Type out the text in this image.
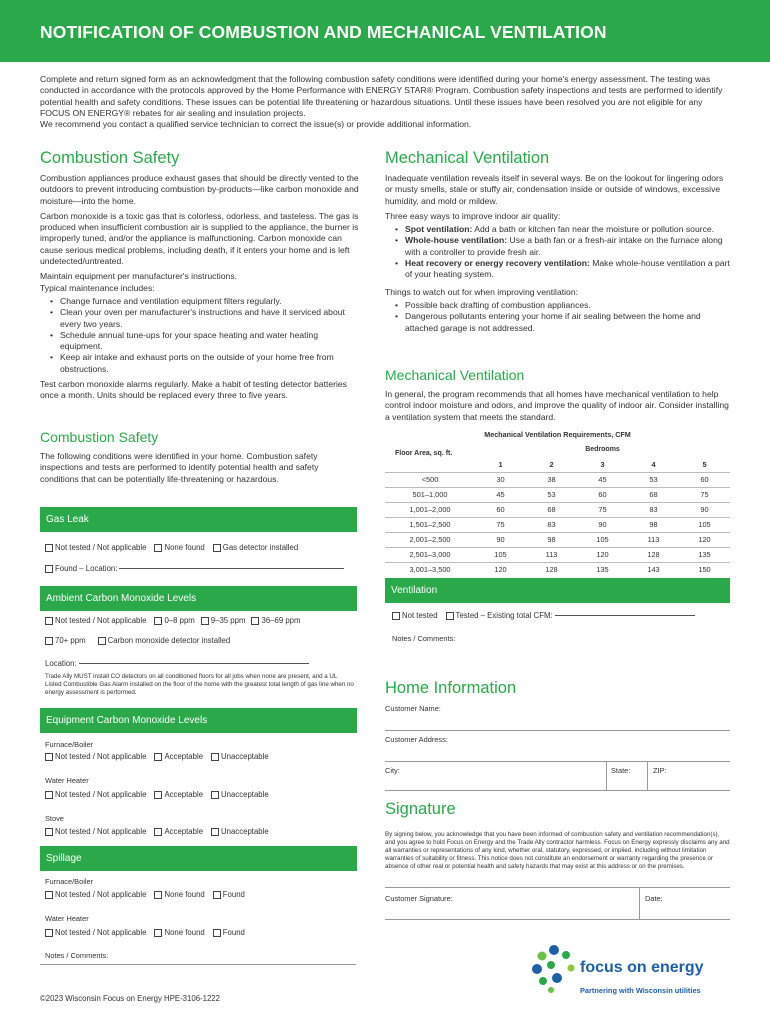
NOTIFICATION OF COMBUSTION AND MECHANICAL VENTILATION

Complete and return signed form as an acknowledgment that the following combustion safety conditions were identified during your home's energy assessment. The testing was conducted in accordance with the protocols approved by the Home Performance with ENERGY STAR® Program. Combustion safety inspections and tests are performed to identify potential health and safety conditions. These issues can be potential life threatening or hazardous situations. Until these issues have been resolved you are not eligible for any FOCUS ON ENERGY® rebates for air sealing and insulation projects.

We recommend you contact a qualified service technician to correct the issue(s) or provide additional information.

Combustion Safety

Combustion appliances produce exhaust gases that should be directly vented to the outdoors to prevent introducing combustion by-products—like carbon monoxide and moisture—into the home.

Carbon monoxide is a toxic gas that is colorless, odorless, and tasteless. The gas is produced when insufficient combustion air is supplied to the appliance, the burner is improperly tuned, and/or the appliance is malfunctioning. Carbon monoxide can cause serious medical problems, including death, if it enters your home and is left undetected/untreated.

Maintain equipment per manufacturer's instructions.

Typical maintenance includes:

• Change furnace and ventilation equipment filters regularly.
• Clean your oven per manufacturer's instructions and have it serviced about every two years.
• Schedule annual tune-ups for your space heating and water heating equipment.
• Keep air intake and exhaust ports on the outside of your home free from obstructions.

Test carbon monoxide alarms regularly. Make a habit of testing detector batteries once a month. Units should be replaced every three to five years.

Combustion Safety
The following conditions were identified in your home. Combustion safety inspections and tests are performed to identify potential health and safety conditions that can be potentially life-threatening or hazardous.
Gas Leak
Not tested / Not applicable None found Gas detector installed
Found – Location:
Ambient Carbon Monoxide Levels
Not tested / Not applicable 0–8 ppm 9–35 ppm 36–69 ppm
70+ ppm	Carbon monoxide detector installed
Location:
Trade Ally MUST install CO detectors on all conditioned floors for all jobs when none are present, and a UL Listed Combustible Gas Alarm installed on the floor of the home with the greatest total length of gas line when no energy assessment is performed.
Equipment Carbon Monoxide Levels
Furnace/Boiler
Not tested / Not applicable Acceptable Unacceptable
Water Heater
Not tested / Not applicable Acceptable Unacceptable
Stove
Not tested / Not applicable Acceptable Unacceptable
Spillage
Furnace/Boiler
Not tested / Not applicable None found Found
Water Heater
Not tested / Not applicable None found Found
Notes / Comments:
©2023 Wisconsin Focus on Energy HPE-3106-1222
Mechanical Ventilation

Inadequate ventilation reveals itself in several ways. Be on the lookout for lingering odors or musty smells, stale or stuffy air, condensation inside or outside of windows, excessive humidity, and mold or mildew.

Three easy ways to improve indoor air quality:

• Spot ventilation: Add a bath or kitchen fan near the moisture or pollution source.
• Whole-house ventilation: Use a bath fan or a fresh-air intake on the furnace along with a controller to provide fresh air.
• Heat recovery or energy recovery ventilation: Make whole-house ventilation a part of your heating system.

Things to watch out for when improving ventilation:

• Possible back drafting of combustion appliances.
• Dangerous pollutants entering your home if air sealing between the home and attached garage is not addressed.
Mechanical Ventilation
In general, the program recommends that all homes have mechanical ventilation to help control indoor moisture and odors, and improve the quality of indoor air. Consider installing a ventilation system that meets the standard.
Mechanical Ventilation Requirements, CFM
Floor Area, sq. ft.	Bedrooms				
	1	2	3	4	5
<500	30	38	45	53	60
501–1,000	45	53	60	68	75
1,001–2,000	60	68	75	83	90
1,501–2,500	75	83	90	98	105
2,001–2,500	90	98	105	113	120
2,501–3,000	105	113	120	128	135
3,001–3,500	120	128	135	143	150
Ventilation
Not tested Tested – Existing total CFM:
Notes / Comments:
Home Information
Customer Name:
Customer Address:
City:	State:	ZIP:
Signature
By signing below, you acknowledge that you have been informed of combustion safety and ventilation recommendation(s), and you agree to hold Focus on Energy and the Trade Ally contractor harmless. Focus on Energy expressly disclaims any and all warranties or representations of any kind, whether oral, statutory, expressed, or implied, including without limitation warranties of suitability or fitness. This notice does not constitute an endorsement or warranty regarding the presence or absence of other real or potential health and safety hazards that may exist at this address or on the premises.
Customer Signature:	Date:
focus on energy
Partnering with Wisconsin utilities
